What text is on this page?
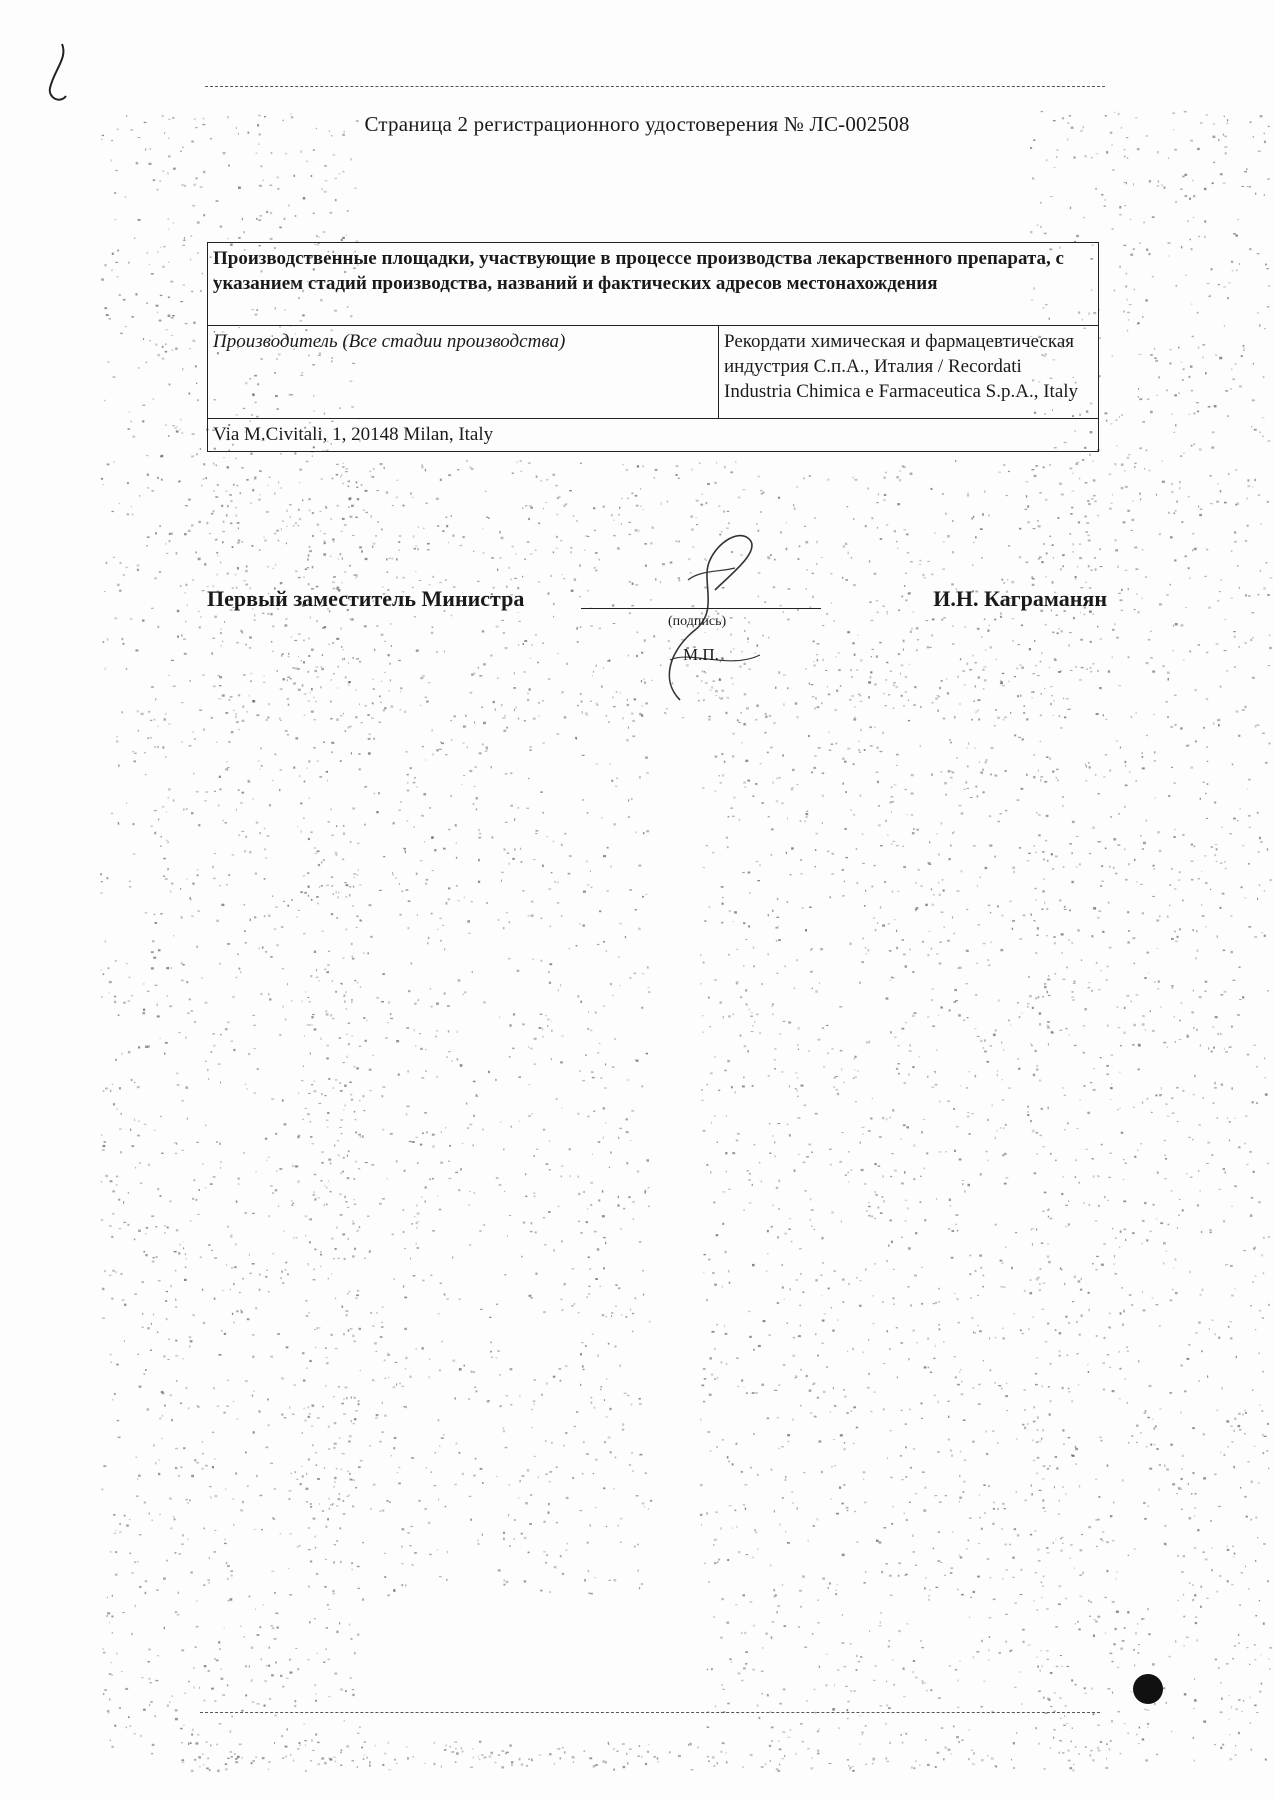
Страница 2 регистрационного удостоверения № ЛС-002508
Производственные площадки, участвующие в процессе производства лекарственного препарата, с указанием стадий производства, названий и фактических адресов местонахождения
Производитель (Все стадии производства)	Рекордати химическая и фармацевтическая индустрия С.п.А., Италия / Recordati Industria Chimica e Farmaceutica S.p.A., Italy
Via M.Civitali, 1, 20148 Milan, Italy
Первый заместитель Министра	И.Н. Каграманян
(подпись)
М.П.
